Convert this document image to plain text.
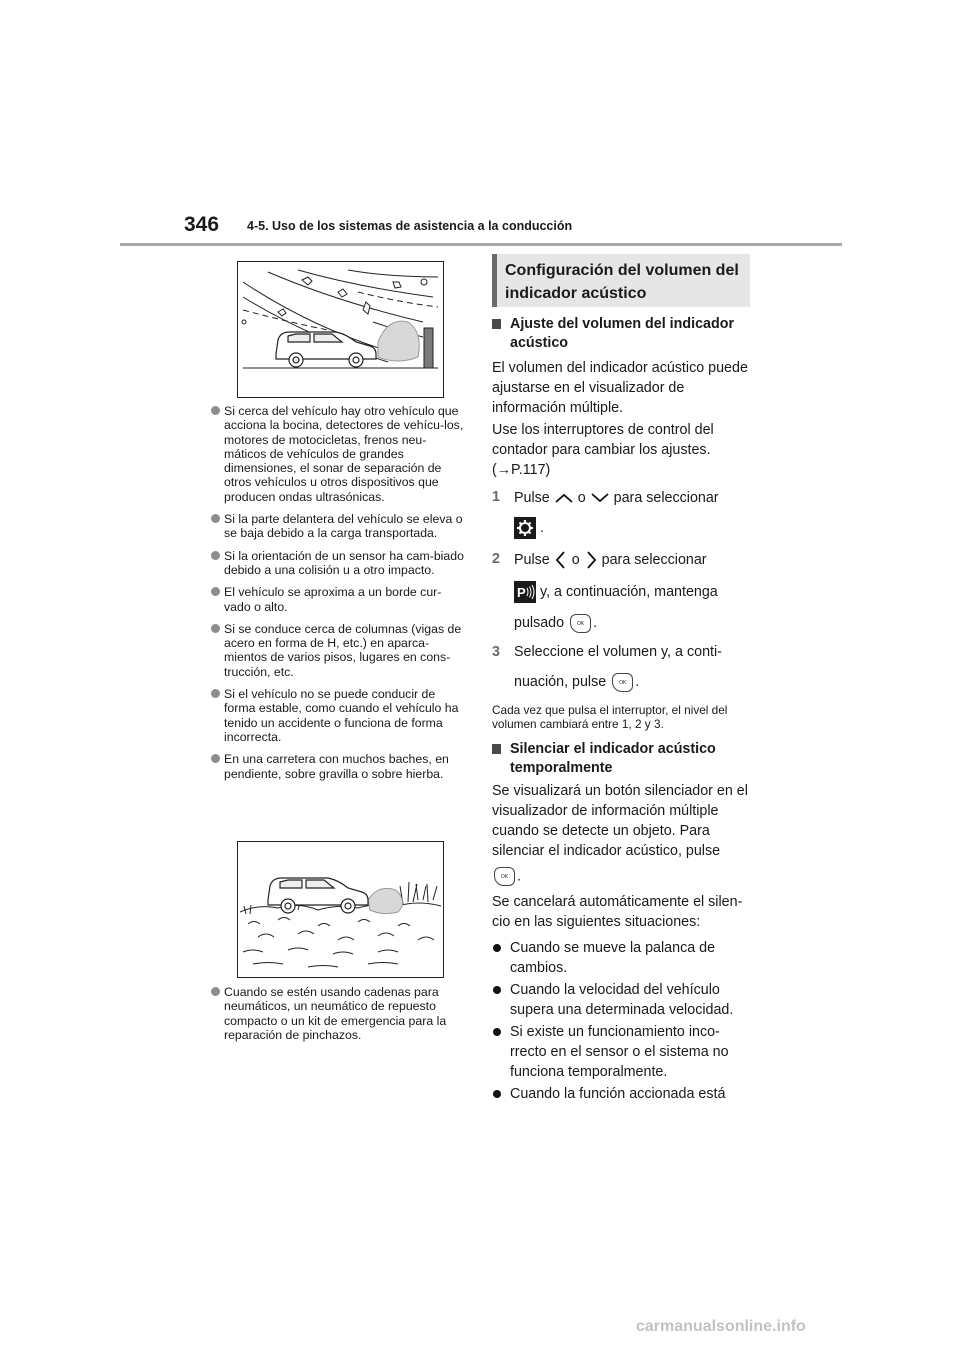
346 4-5. Uso de los sistemas de asistencia a la conducción
Si cerca del vehículo hay otro vehículo que acciona la bocina, detectores de vehícu-los, motores de motocicletas, frenos neu-máticos de vehículos de grandes dimensiones, el sonar de separación de otros vehículos u otros dispositivos que producen ondas ultrasónicas.
Si la parte delantera del vehículo se eleva o se baja debido a la carga transportada.
Si la orientación de un sensor ha cam-biado debido a una colisión u a otro impacto.
El vehículo se aproxima a un borde cur-vado o alto.
Si se conduce cerca de columnas (vigas de acero en forma de H, etc.) en aparca-mientos de varios pisos, lugares en cons-trucción, etc.
Si el vehículo no se puede conducir de forma estable, como cuando el vehículo ha tenido un accidente o funciona de forma incorrecta.
En una carretera con muchos baches, en pendiente, sobre gravilla o sobre hierba.
Cuando se estén usando cadenas para neumáticos, un neumático de repuesto compacto o un kit de emergencia para la reparación de pinchazos.
Configuración del volumen del
indicador acústico
Ajuste del volumen del indicador
acústico

El volumen del indicador acústico puede ajustarse en el visualizador de información múltiple.

Use los interruptores de control del contador para cambiar los ajustes.
(→P.117)

1 Pulse o para seleccionar
.
2 Pulse o para seleccionar
P y, a continuación, mantenga
pulsado	OK .
3 Seleccione el volumen y, a conti-
nuación, pulse	OK .

Cada vez que pulsa el interruptor, el nivel del volumen cambiará entre 1, 2 y 3.

Silenciar el indicador acústico
temporalmente

Se visualizará un botón silenciador en el visualizador de información múltiple cuando se detecte un objeto. Para silenciar el indicador acústico, pulse

OK .

Se cancelará automáticamente el silen-cio en las siguientes situaciones:

Cuando se mueve la palanca de cambios.
Cuando la velocidad del vehículo supera una determinada velocidad.
Si existe un funcionamiento inco-rrecto en el sensor o el sistema no funciona temporalmente.
Cuando la función accionada está
carmanualsonline.info
